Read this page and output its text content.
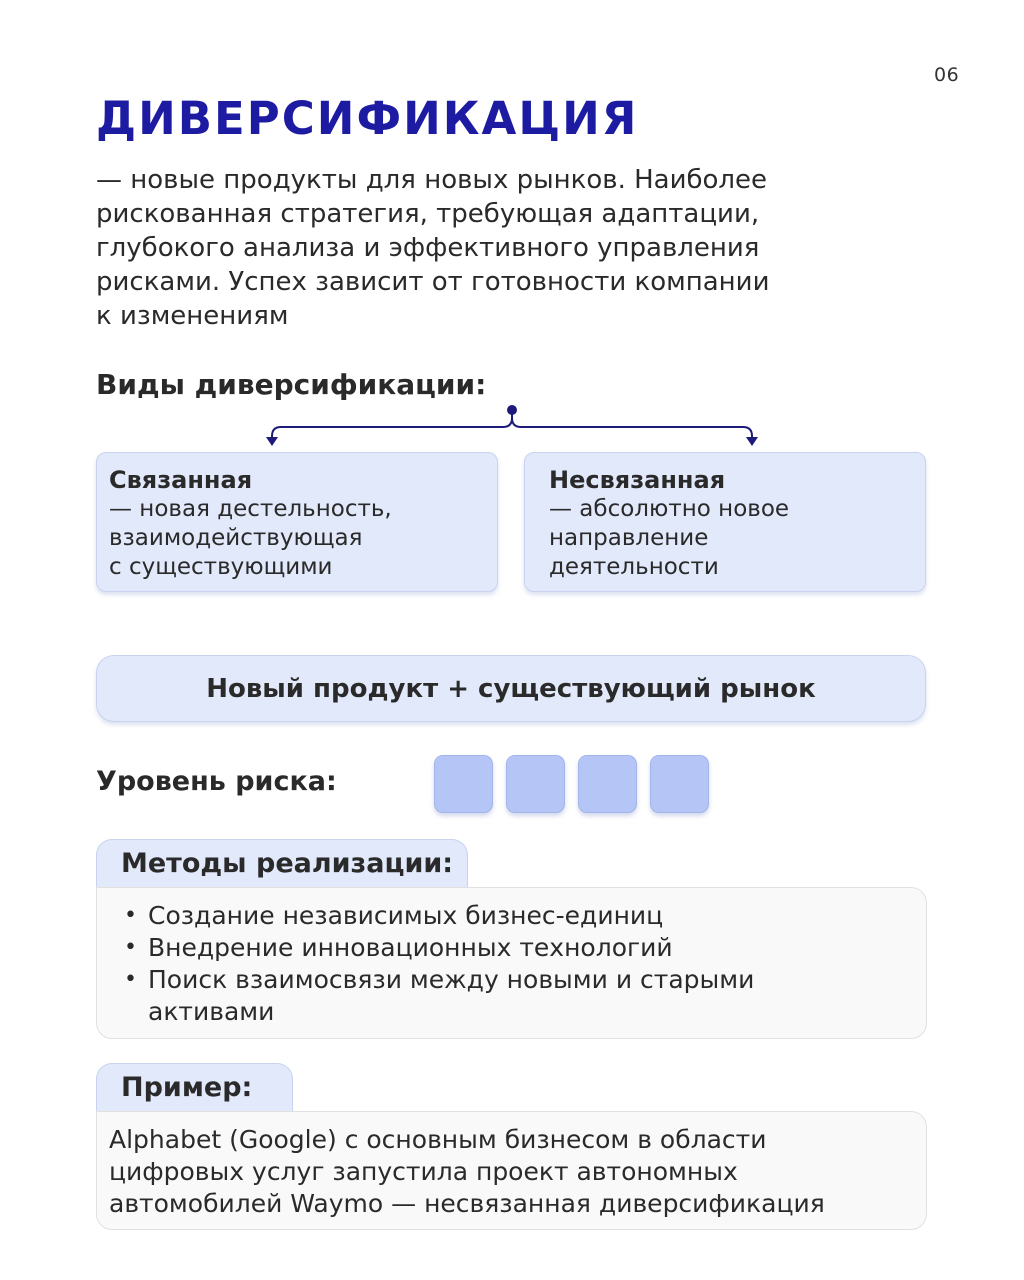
06
ДИВЕРСИФИКАЦИЯ

— новые продукты для новых рынков. Наиболее
рискованная стратегия, требующая адаптации,
глубокого анализа и эффективного управления
рисками. Успех зависит от готовности компании
к изменениям

Виды диверсификации:
Связанная
— новая дестельность,
взаимодействующая
с существующими
Несвязанная
— абсолютно новое
направление
деятельности
Новый продукт + существующий рынок
Уровень риска:
Методы реализации:
• Создание независимых бизнес-единиц
• Внедрение инновационных технологий
• Поиск взаимосвязи между новыми и старыми активами
Пример:
Alphabet (Google) с основным бизнесом в области
цифровых услуг запустила проект автономных
автомобилей Waymo — несвязанная диверсификация
